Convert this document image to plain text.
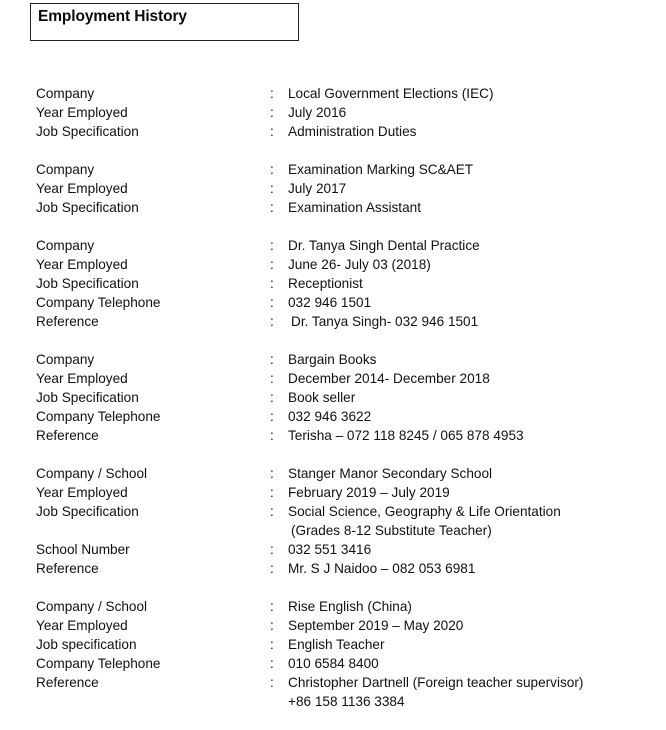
Employment History
Company	: Local Government Elections (IEC)
Year Employed	: July 2016
Job Specification	: Administration Duties
Company	: Examination Marking SC&AET
Year Employed	: July 2017
Job Specification	: Examination Assistant
Company	: Dr. Tanya Singh Dental Practice
Year Employed	: June 26- July 03 (2018)
Job Specification	: Receptionist
Company Telephone	: 032 946 1501
Reference	: Dr. Tanya Singh- 032 946 1501
Company	: Bargain Books
Year Employed	: December 2014- December 2018
Job Specification	: Book seller
Company Telephone	: 032 946 3622
Reference	: Terisha – 072 118 8245 / 065 878 4953
Company / School	: Stanger Manor Secondary School
Year Employed	: February 2019 – July 2019
Job Specification	: Social Science, Geography & Life Orientation
(Grades 8-12 Substitute Teacher)
School Number	: 032 551 3416
Reference	: Mr. S J Naidoo – 082 053 6981
Company / School	: Rise English (China)
Year Employed	: September 2019 – May 2020
Job specification	: English Teacher
Company Telephone	: 010 6584 8400
Reference	: Christopher Dartnell (Foreign teacher supervisor)
+86 158 1136 3384
